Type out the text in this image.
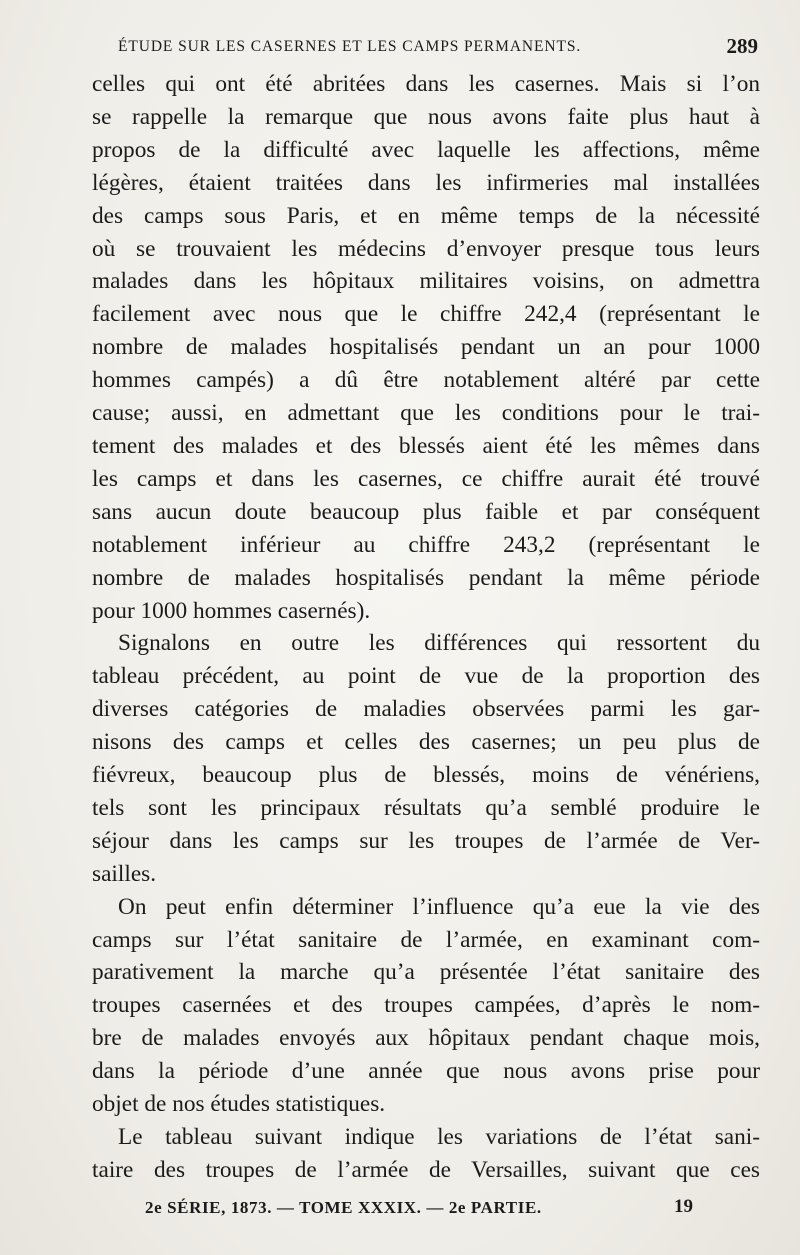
ÉTUDE SUR LES CASERNES ET LES CAMPS PERMANENTS.	289

celles qui ont été abritées dans les casernes. Mais si l’on
se rappelle la remarque que nous avons faite plus haut à
propos de la difficulté avec laquelle les affections, même
légères, étaient traitées dans les infirmeries mal installées
des camps sous Paris, et en même temps de la nécessité
où se trouvaient les médecins d’envoyer presque tous leurs
malades dans les hôpitaux militaires voisins, on admettra
facilement avec nous que le chiffre 242,4 (représentant le
nombre de malades hospitalisés pendant un an pour 1000
hommes campés) a dû être notablement altéré par cette
cause; aussi, en admettant que les conditions pour le trai-
tement des malades et des blessés aient été les mêmes dans
les camps et dans les casernes, ce chiffre aurait été trouvé
sans aucun doute beaucoup plus faible et par conséquent
notablement inférieur au chiffre 243,2 (représentant le
nombre de malades hospitalisés pendant la même période
pour 1000 hommes casernés).

Signalons en outre les différences qui ressortent du
tableau précédent, au point de vue de la proportion des
diverses catégories de maladies observées parmi les gar-
nisons des camps et celles des casernes; un peu plus de
fiévreux, beaucoup plus de blessés, moins de vénériens,
tels sont les principaux résultats qu’a semblé produire le
séjour dans les camps sur les troupes de l’armée de Ver-
sailles.

On peut enfin déterminer l’influence qu’a eue la vie des
camps sur l’état sanitaire de l’armée, en examinant com-
parativement la marche qu’a présentée l’état sanitaire des
troupes casernées et des troupes campées, d’après le nom-
bre de malades envoyés aux hôpitaux pendant chaque mois,
dans la période d’une année que nous avons prise pour
objet de nos études statistiques.

Le tableau suivant indique les variations de l’état sani-
taire des troupes de l’armée de Versailles, suivant que ces

2e SÉRIE, 1873. — TOME XXXIX. — 2e PARTIE.	19
